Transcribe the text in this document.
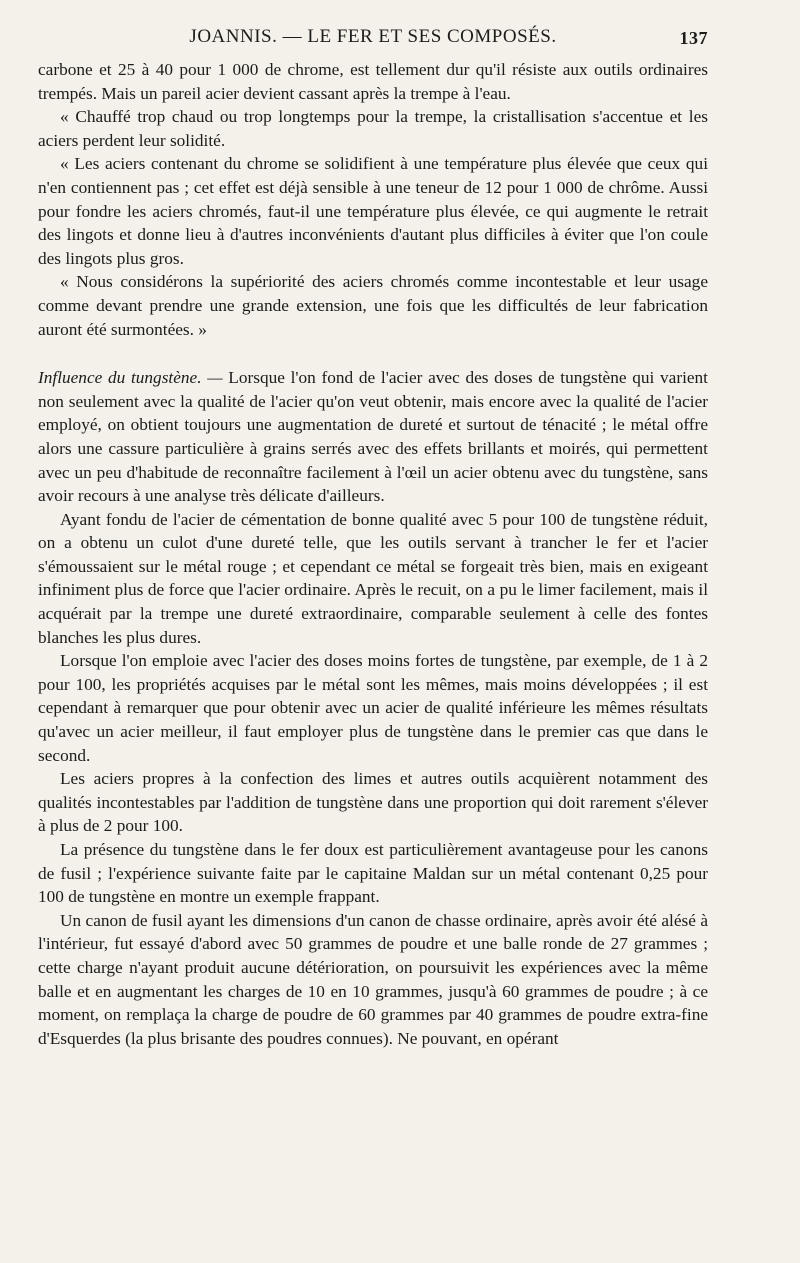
JOANNIS. — LE FER ET SES COMPOSÉS.	137

carbone et 25 à 40 pour 1 000 de chrome, est tellement dur qu'il résiste aux outils ordinaires trempés. Mais un pareil acier devient cassant après la trempe à l'eau.

« Chauffé trop chaud ou trop longtemps pour la trempe, la cristallisation s'accentue et les aciers perdent leur solidité.

« Les aciers contenant du chrome se solidifient à une température plus élevée que ceux qui n'en contiennent pas ; cet effet est déjà sensible à une teneur de 12 pour 1 000 de chrôme. Aussi pour fondre les aciers chromés, faut-il une température plus élevée, ce qui augmente le retrait des lingots et donne lieu à d'autres inconvénients d'autant plus difficiles à éviter que l'on coule des lingots plus gros.

« Nous considérons la supériorité des aciers chromés comme incontestable et leur usage comme devant prendre une grande extension, une fois que les difficultés de leur fabrication auront été surmontées. »

Influence du tungstène. — Lorsque l'on fond de l'acier avec des doses de tungstène qui varient non seulement avec la qualité de l'acier qu'on veut obtenir, mais encore avec la qualité de l'acier employé, on obtient toujours une augmentation de dureté et surtout de ténacité ; le métal offre alors une cassure particulière à grains serrés avec des effets brillants et moirés, qui permettent avec un peu d'habitude de reconnaître facilement à l'œil un acier obtenu avec du tungstène, sans avoir recours à une analyse très délicate d'ailleurs.

Ayant fondu de l'acier de cémentation de bonne qualité avec 5 pour 100 de tungstène réduit, on a obtenu un culot d'une dureté telle, que les outils servant à trancher le fer et l'acier s'émoussaient sur le métal rouge ; et cependant ce métal se forgeait très bien, mais en exigeant infiniment plus de force que l'acier ordinaire. Après le recuit, on a pu le limer facilement, mais il acquérait par la trempe une dureté extraordinaire, comparable seulement à celle des fontes blanches les plus dures.

Lorsque l'on emploie avec l'acier des doses moins fortes de tungstène, par exemple, de 1 à 2 pour 100, les propriétés acquises par le métal sont les mêmes, mais moins développées ; il est cependant à remarquer que pour obtenir avec un acier de qualité inférieure les mêmes résultats qu'avec un acier meilleur, il faut employer plus de tungstène dans le premier cas que dans le second.

Les aciers propres à la confection des limes et autres outils acquièrent notamment des qualités incontestables par l'addition de tungstène dans une proportion qui doit rarement s'élever à plus de 2 pour 100.

La présence du tungstène dans le fer doux est particulièrement avantageuse pour les canons de fusil ; l'expérience suivante faite par le capitaine Maldan sur un métal contenant 0,25 pour 100 de tungstène en montre un exemple frappant.

Un canon de fusil ayant les dimensions d'un canon de chasse ordinaire, après avoir été alésé à l'intérieur, fut essayé d'abord avec 50 grammes de poudre et une balle ronde de 27 grammes ; cette charge n'ayant produit aucune détérioration, on poursuivit les expériences avec la même balle et en augmentant les charges de 10 en 10 grammes, jusqu'à 60 grammes de poudre ; à ce moment, on remplaça la charge de poudre de 60 grammes par 40 grammes de poudre extra-fine d'Esquerdes (la plus brisante des poudres connues). Ne pouvant, en opérant
